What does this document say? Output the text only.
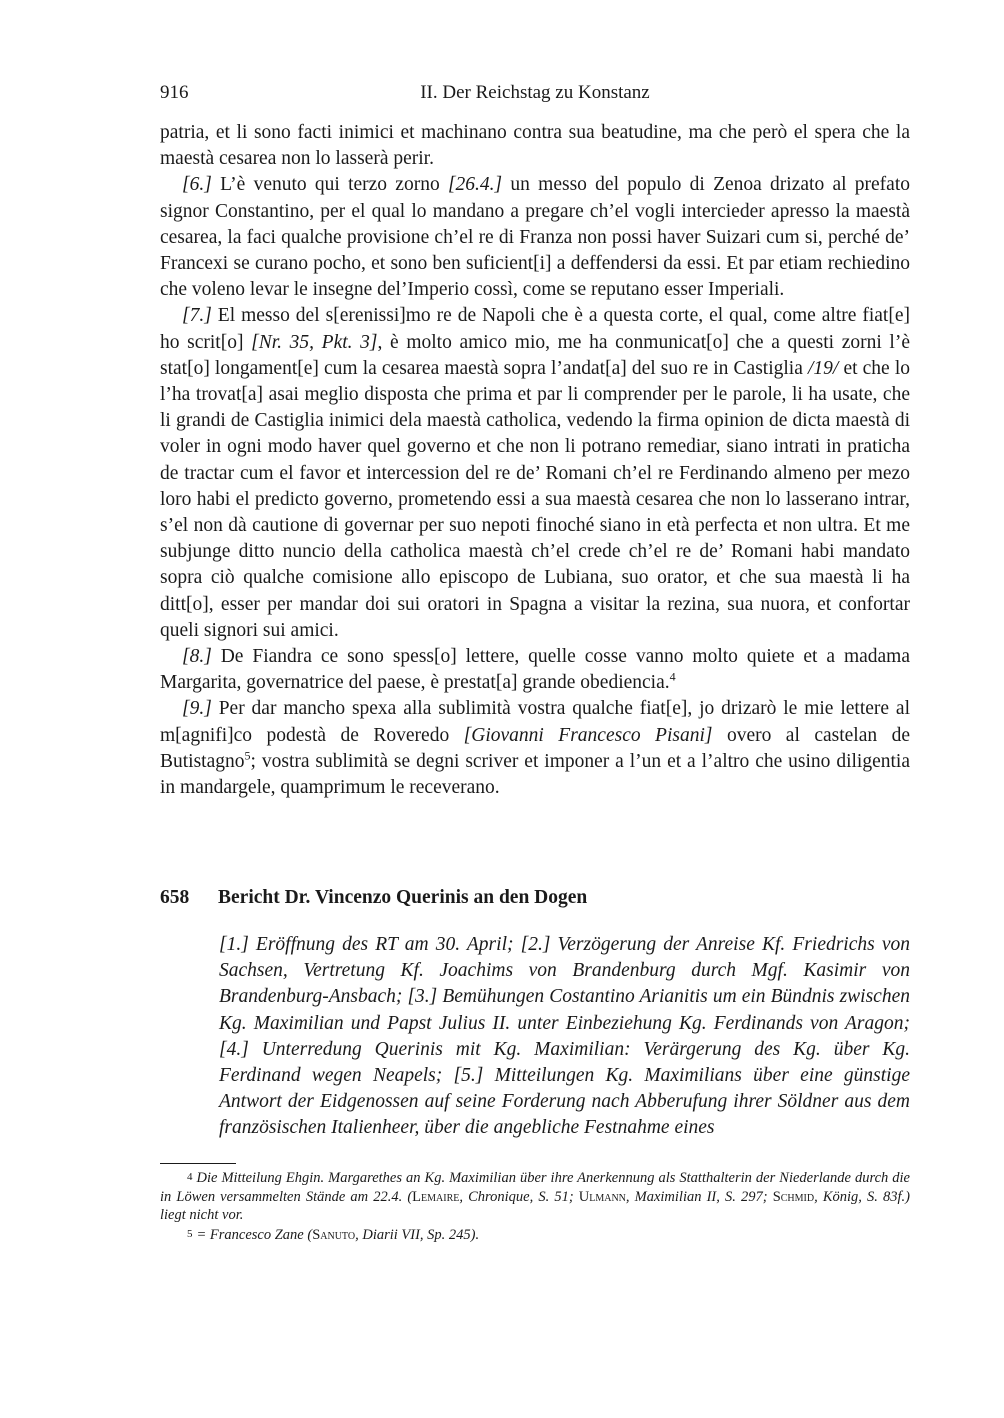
916	II. Der Reichstag zu Konstanz

patria, et li sono facti inimici et machinano contra sua beatudine, ma che però el spera che la maestà cesarea non lo lasserà perir.

[6.] L’è venuto qui terzo zorno [26.4.] un messo del populo di Zenoa drizato al prefato signor Constantino, per el qual lo mandano a pregare ch’el vogli intercieder apresso la maestà cesarea, la faci qualche provisione ch’el re di Franza non possi haver Suizari cum si, perché de’ Francexi se curano pocho, et sono ben suficient[i] a deffendersi da essi. Et par etiam rechiedino che voleno levar le insegne del’Imperio cossì, come se reputano esser Imperiali.

[7.] El messo del s[erenissi]mo re de Napoli che è a questa corte, el qual, come altre fiat[e] ho scrit[o] [Nr. 35, Pkt. 3], è molto amico mio, me ha conmunicat[o] che a questi zorni l’è stat[o] longament[e] cum la cesarea maestà sopra l’andat[a] del suo re in Castiglia /19/ et che lo l’ha trovat[a] asai meglio disposta che prima et par li comprender per le parole, li ha usate, che li grandi de Castiglia inimici dela maestà catholica, vedendo la firma opinion de dicta maestà di voler in ogni modo haver quel governo et che non li potrano remediar, siano intrati in praticha de tractar cum el favor et intercession del re de’ Romani ch’el re Ferdinando almeno per mezo loro habi el predicto governo, prometendo essi a sua maestà cesarea che non lo lasserano intrar, s’el non dà cautione di governar per suo nepoti finoché siano in età perfecta et non ultra. Et me subjunge ditto nuncio della catholica maestà ch’el crede ch’el re de’ Romani habi mandato sopra ciò qualche comisione allo episcopo de Lubiana, suo orator, et che sua maestà li ha ditt[o], esser per mandar doi sui oratori in Spagna a visitar la rezina, sua nuora, et confortar queli signori sui amici.

[8.] De Fiandra ce sono spess[o] lettere, quelle cosse vanno molto quiete et a madama Margarita, governatrice del paese, è prestat[a] grande obediencia.$^4$

[9.] Per dar mancho spexa alla sublimità vostra qualche fiat[e], jo drizarò le mie lettere al m[agnifi]co podestà de Roveredo [Giovanni Francesco Pisani] overo al castelan de Butistagno$^5$; vostra sublimità se degni scriver et imponer a l’un et a l’altro che usino diligentia in mandargele, quamprimum le receverano.

658 Bericht Dr. Vincenzo Querinis an den Dogen
[1.] Eröffnung des RT am 30. April; [2.] Verzögerung der Anreise Kf. Friedrichs von Sachsen, Vertretung Kf. Joachims von Brandenburg durch Mgf. Kasimir von Brandenburg-Ansbach; [3.] Bemühungen Costantino Arianitis um ein Bündnis zwischen Kg. Maximilian und Papst Julius II. unter Einbeziehung Kg. Ferdinands von Aragon; [4.] Unterredung Querinis mit Kg. Maximilian: Verärgerung des Kg. über Kg. Ferdinand wegen Neapels; [5.] Mitteilungen Kg. Maximilians über eine günstige Antwort der Eidgenossen auf seine Forderung nach Abberufung ihrer Söldner aus dem französischen Italienheer, über die angebliche Festnahme eines

4 Die Mitteilung Ehgin. Margarethes an Kg. Maximilian über ihre Anerkennung als Statthalterin der Niederlande durch die in Löwen versammelten Stände am 22.4. (Lemaire, Chronique, S. 51; Ulmann, Maximilian II, S. 297; Schmid, König, S. 83f.) liegt nicht vor.

5 = Francesco Zane (Sanuto, Diarii VII, Sp. 245).
